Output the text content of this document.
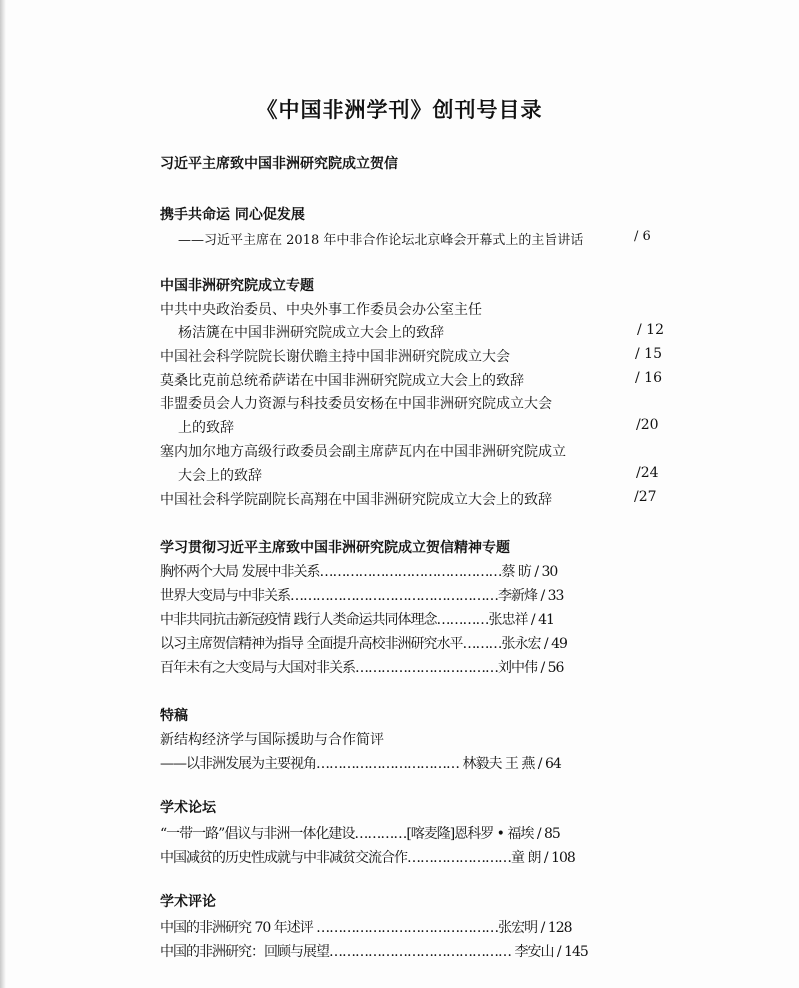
《中国非洲学刊》创刊号目录
习近平主席致中国非洲研究院成立贺信
携手共命运 同心促发展
——习近平主席在 2018 年中非合作论坛北京峰会开幕式上的主旨讲话	/ 6
中国非洲研究院成立专题
中共中央政治委员、中央外事工作委员会办公室主任
杨洁篪在中国非洲研究院成立大会上的致辞	/ 12
中国社会科学院院长谢伏瞻主持中国非洲研究院成立大会	/ 15
莫桑比克前总统希萨诺在中国非洲研究院成立大会上的致辞	/ 16
非盟委员会人力资源与科技委员安杨在中国非洲研究院成立大会
上的致辞	/20
塞内加尔地方高级行政委员会副主席萨瓦内在中国非洲研究院成立
大会上的致辞	/24
中国社会科学院副院长高翔在中国非洲研究院成立大会上的致辞	/27
学习贯彻习近平主席致中国非洲研究院成立贺信精神专题
胸怀两个大局 发展中非关系……………………………………蔡 昉 / 30
世界大变局与中非关系…………………………………………李新烽 / 33
中非共同抗击新冠疫情 践行人类命运共同体理念…………张忠祥 / 41
以习主席贺信精神为指导 全面提升高校非洲研究水平………张永宏 / 49
百年未有之大变局与大国对非关系……………………………刘中伟 / 56
特稿
新结构经济学与国际援助与合作简评
——以非洲发展为主要视角…………………………… 林毅夫 王 燕 / 64
学术论坛
“一带一路”倡议与非洲一体化建设…………[喀麦隆]恩科罗 • 福埃 / 85
中国减贫的历史性成就与中非减贫交流合作……………………童 朗 / 108
学术评论
中国的非洲研究 70 年述评 ……………………………………张宏明 / 128
中国的非洲研究：回顾与展望…………………………………… 李安山 / 145
